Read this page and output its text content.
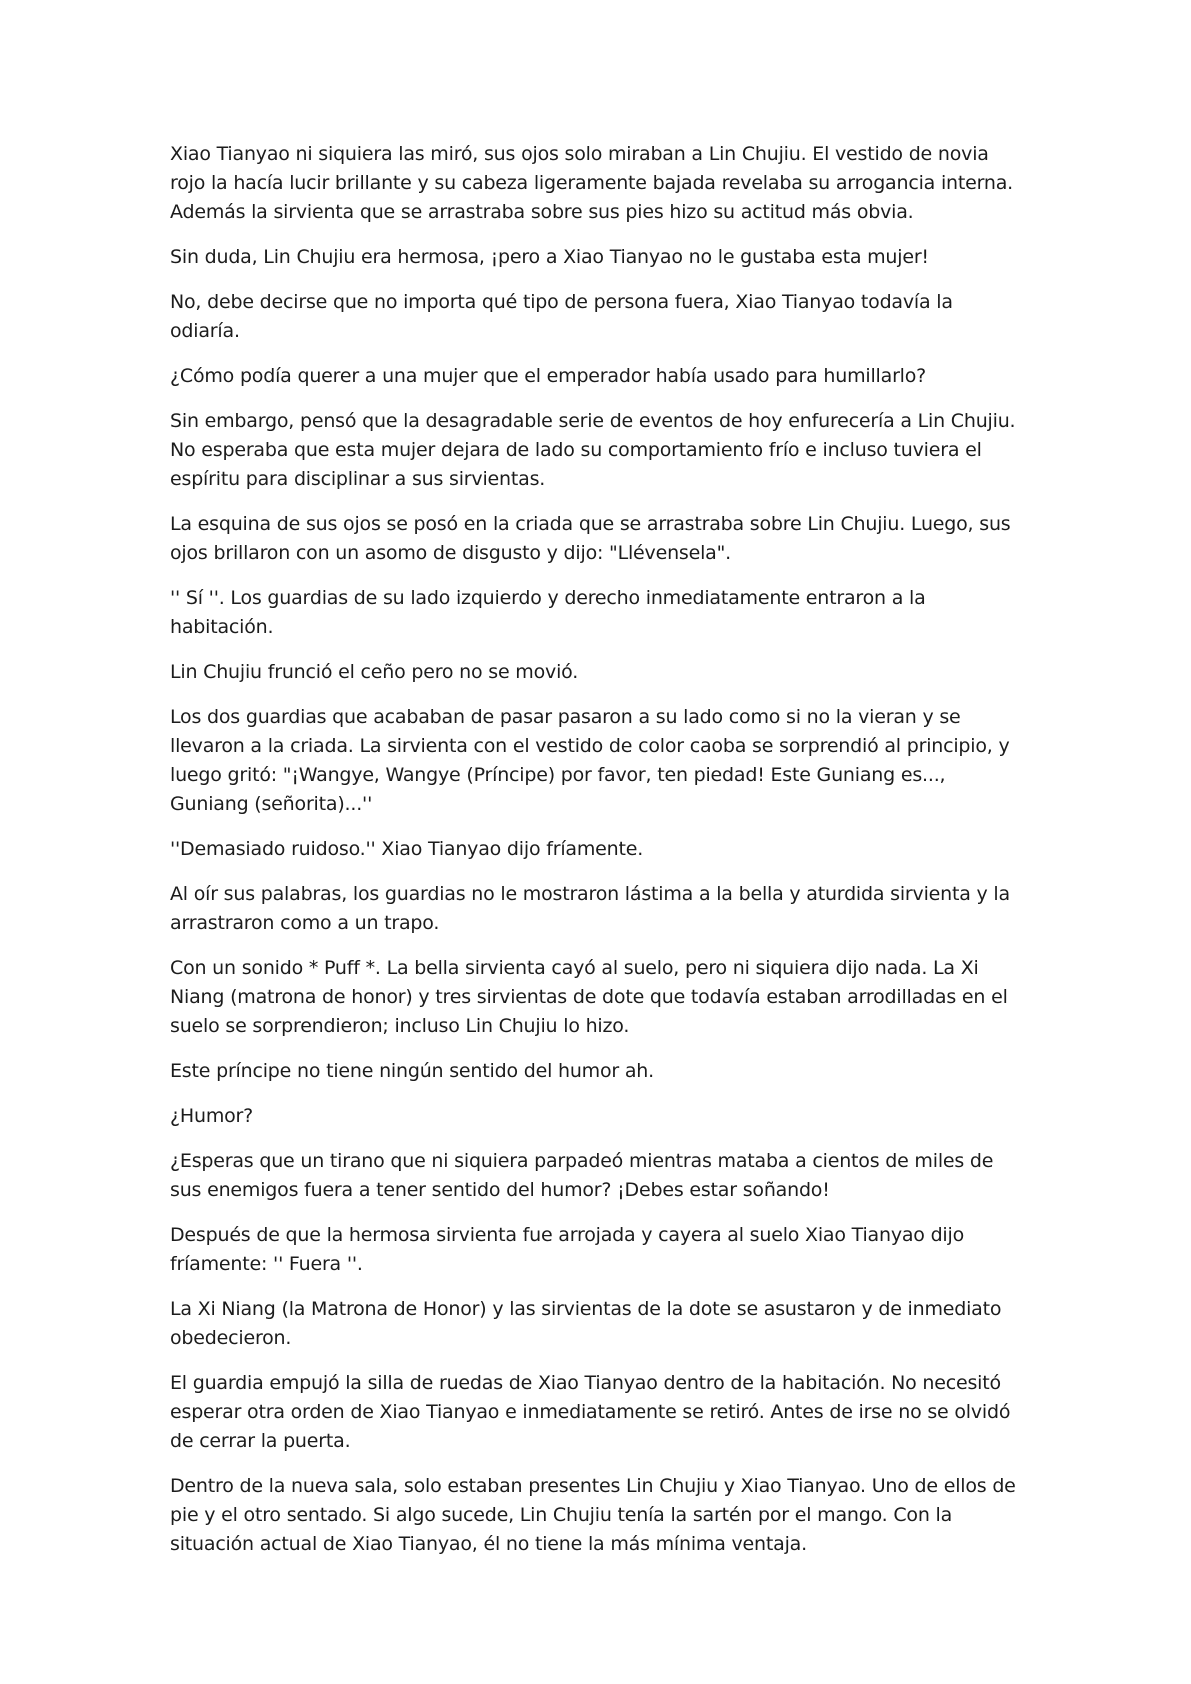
Xiao Tianyao ni siquiera las miró, sus ojos solo miraban a Lin Chujiu. El vestido de novia rojo la hacía lucir brillante y su cabeza ligeramente bajada revelaba su arrogancia interna. Además la sirvienta que se arrastraba sobre sus pies hizo su actitud más obvia.

Sin duda, Lin Chujiu era hermosa, ¡pero a Xiao Tianyao no le gustaba esta mujer!

No, debe decirse que no importa qué tipo de persona fuera, Xiao Tianyao todavía la odiaría.

¿Cómo podía querer a una mujer que el emperador había usado para humillarlo?

Sin embargo, pensó que la desagradable serie de eventos de hoy enfurecería a Lin Chujiu. No esperaba que esta mujer dejara de lado su comportamiento frío e incluso tuviera el espíritu para disciplinar a sus sirvientas.

La esquina de sus ojos se posó en la criada que se arrastraba sobre Lin Chujiu. Luego, sus ojos brillaron con un asomo de disgusto y dijo: "Llévensela".

'' Sí ''. Los guardias de su lado izquierdo y derecho inmediatamente entraron a la habitación.

Lin Chujiu frunció el ceño pero no se movió.

Los dos guardias que acababan de pasar pasaron a su lado como si no la vieran y se llevaron a la criada. La sirvienta con el vestido de color caoba se sorprendió al principio, y luego gritó: "¡Wangye, Wangye (Príncipe) por favor, ten piedad! Este Guniang es..., Guniang (señorita)...''

''Demasiado ruidoso.'' Xiao Tianyao dijo fríamente.

Al oír sus palabras, los guardias no le mostraron lástima a la bella y aturdida sirvienta y la arrastraron como a un trapo.

Con un sonido * Puff *. La bella sirvienta cayó al suelo, pero ni siquiera dijo nada. La Xi Niang (matrona de honor) y tres sirvientas de dote que todavía estaban arrodilladas en el suelo se sorprendieron; incluso Lin Chujiu lo hizo.

Este príncipe no tiene ningún sentido del humor ah.

¿Humor?

¿Esperas que un tirano que ni siquiera parpadeó mientras mataba a cientos de miles de sus enemigos fuera a tener sentido del humor? ¡Debes estar soñando!

Después de que la hermosa sirvienta fue arrojada y cayera al suelo Xiao Tianyao dijo fríamente: '' Fuera ''.

La Xi Niang (la Matrona de Honor) y las sirvientas de la dote se asustaron y de inmediato obedecieron.

El guardia empujó la silla de ruedas de Xiao Tianyao dentro de la habitación. No necesitó esperar otra orden de Xiao Tianyao e inmediatamente se retiró. Antes de irse no se olvidó de cerrar la puerta.

Dentro de la nueva sala, solo estaban presentes Lin Chujiu y Xiao Tianyao. Uno de ellos de pie y el otro sentado. Si algo sucede, Lin Chujiu tenía la sartén por el mango. Con la situación actual de Xiao Tianyao, él no tiene la más mínima ventaja.
